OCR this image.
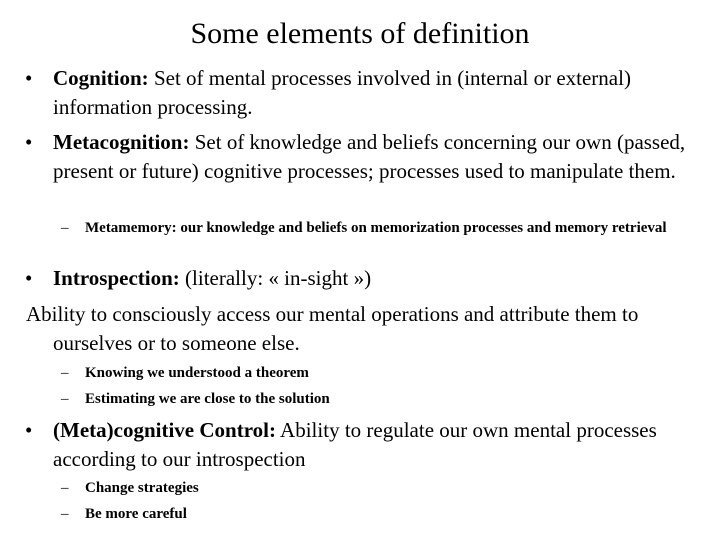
Some elements of definition
• Cognition: Set of mental processes involved in (internal or external) information processing.
• Metacognition: Set of knowledge and beliefs concerning our own (passed, present or future) cognitive processes; processes used to manipulate them.
– Metamemory: our knowledge and beliefs on memorization processes and memory retrieval
• Introspection: (literally: « in-sight »)
Ability to consciously access our mental operations and attribute them to ourselves or to someone else.
– Knowing we understood a theorem
– Estimating we are close to the solution
• (Meta)cognitive Control: Ability to regulate our own mental processes according to our introspection
– Change strategies
– Be more careful
